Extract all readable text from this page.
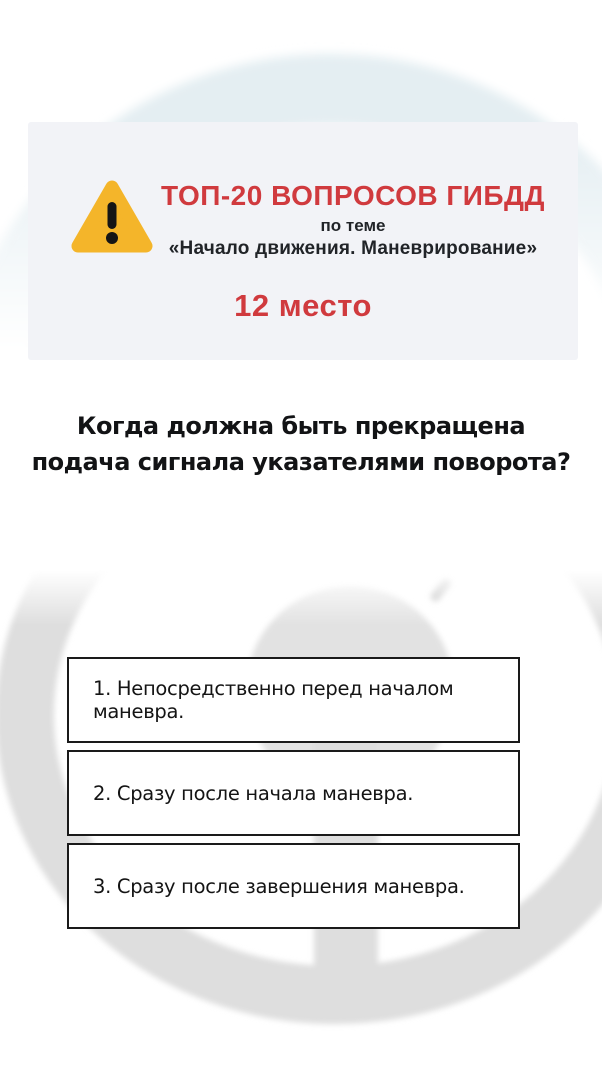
ТОП-20 ВОПРОСОВ ГИБДД
по теме
«Начало движения. Маневрирование»
12 место
Когда должна быть прекращена
подача сигнала указателями поворота?
1. Непосредственно перед началом маневра.
2. Сразу после начала маневра.
3. Сразу после завершения маневра.
